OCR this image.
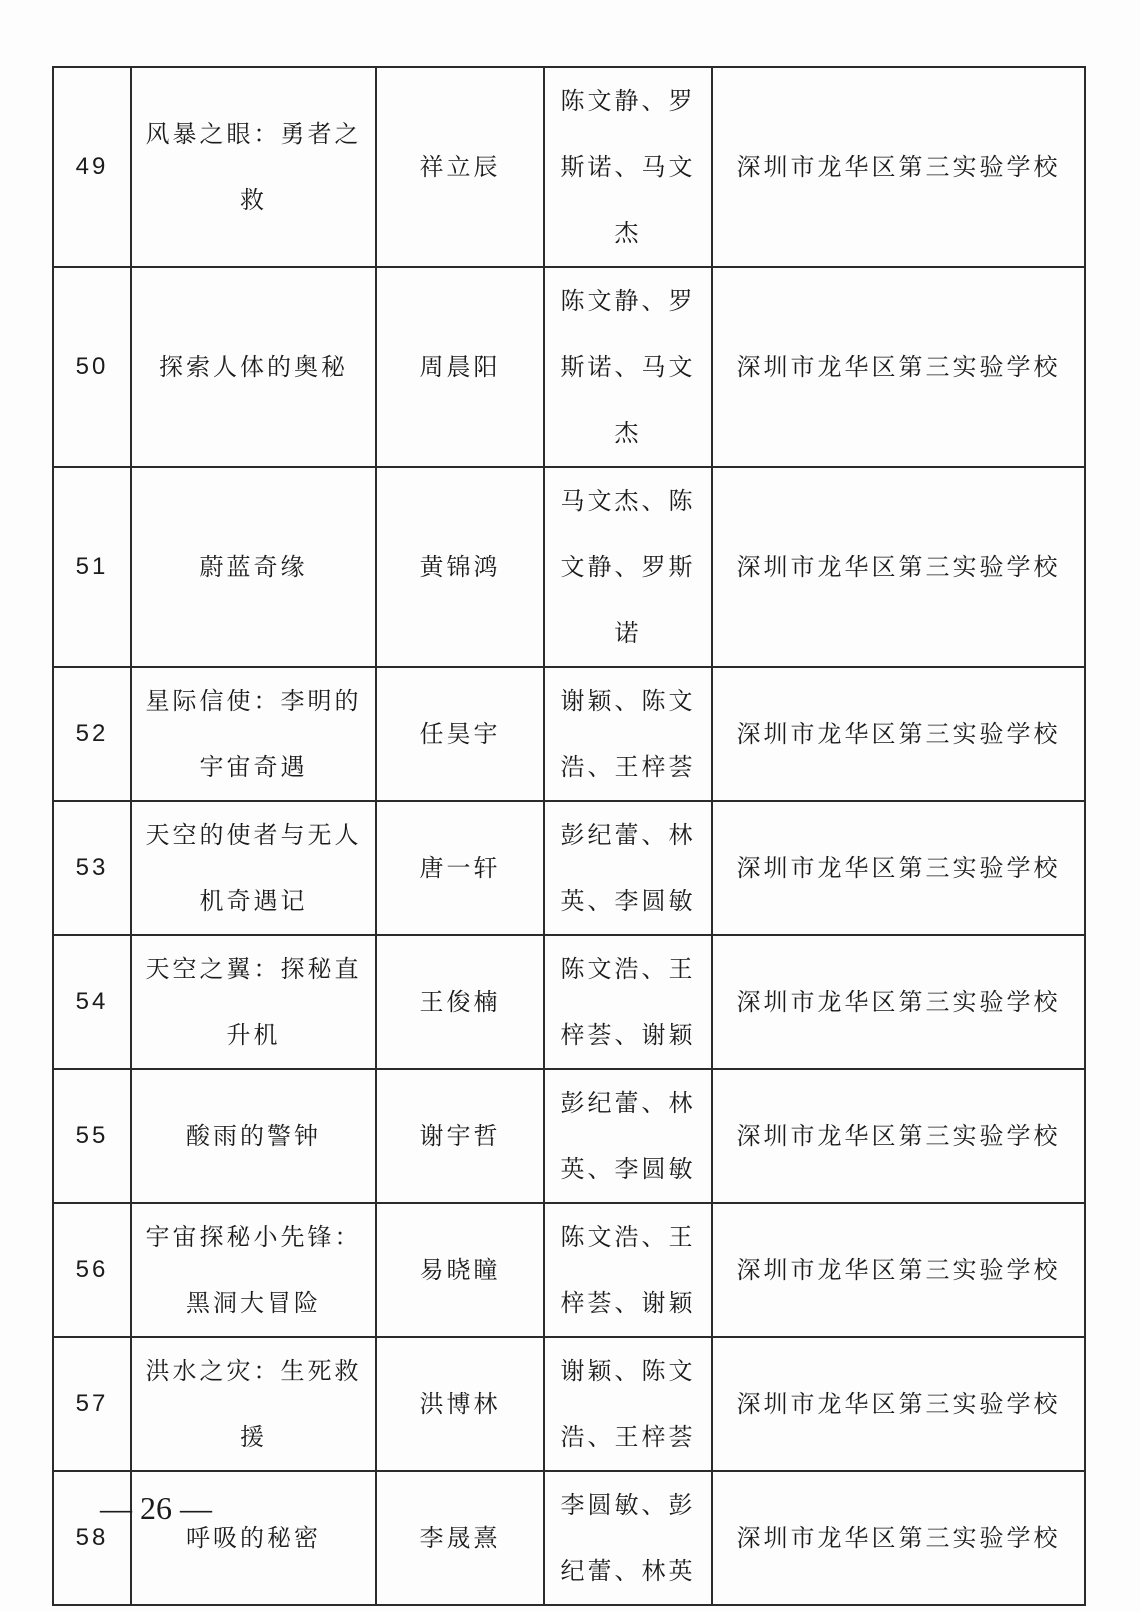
49	风暴之眼：勇者之救	祥立辰	陈文静、罗斯诺、马文杰	深圳市龙华区第三实验学校
50	探索人体的奥秘	周晨阳	陈文静、罗斯诺、马文杰	深圳市龙华区第三实验学校
51	蔚蓝奇缘	黄锦鸿	马文杰、陈文静、罗斯诺	深圳市龙华区第三实验学校
52	星际信使：李明的宇宙奇遇	任昊宇	谢颖、陈文浩、王梓荟	深圳市龙华区第三实验学校
53	天空的使者与无人机奇遇记	唐一轩	彭纪蕾、林英、李圆敏	深圳市龙华区第三实验学校
54	天空之翼：探秘直升机	王俊楠	陈文浩、王梓荟、谢颖	深圳市龙华区第三实验学校
55	酸雨的警钟	谢宇哲	彭纪蕾、林英、李圆敏	深圳市龙华区第三实验学校
56	宇宙探秘小先锋：黑洞大冒险	易晓瞳	陈文浩、王梓荟、谢颖	深圳市龙华区第三实验学校
57	洪水之灾：生死救援	洪博林	谢颖、陈文浩、王梓荟	深圳市龙华区第三实验学校
58	呼吸的秘密	李晟熹	李圆敏、彭纪蕾、林英	深圳市龙华区第三实验学校
— 26 —
